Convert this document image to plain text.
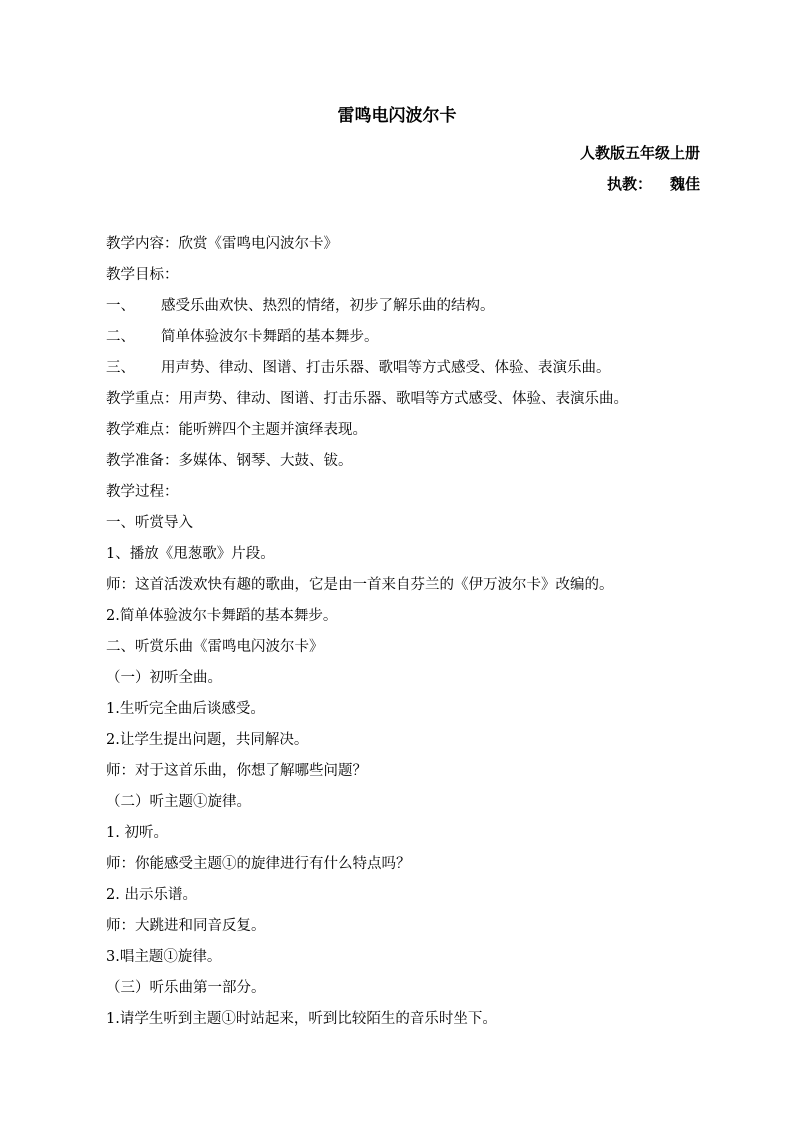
雷鸣电闪波尔卡
人教版五年级上册
执教： 魏佳
教学内容：欣赏《雷鸣电闪波尔卡》
教学目标：
一、 感受乐曲欢快、热烈的情绪，初步了解乐曲的结构。
二、 简单体验波尔卡舞蹈的基本舞步。
三、 用声势、律动、图谱、打击乐器、歌唱等方式感受、体验、表演乐曲。
教学重点：用声势、律动、图谱、打击乐器、歌唱等方式感受、体验、表演乐曲。
教学难点：能听辨四个主题并演绎表现。
教学准备：多媒体、钢琴、大鼓、钹。
教学过程：
一、听赏导入
1、播放《甩葱歌》片段。
师：这首活泼欢快有趣的歌曲，它是由一首来自芬兰的《伊万波尔卡》改编的。
2.简单体验波尔卡舞蹈的基本舞步。
二、听赏乐曲《雷鸣电闪波尔卡》
（一）初听全曲。
1.生听完全曲后谈感受。
2.让学生提出问题，共同解决。
师：对于这首乐曲，你想了解哪些问题？
（二）听主题①旋律。
1. 初听。
师：你能感受主题①的旋律进行有什么特点吗？
2. 出示乐谱。
师：大跳进和同音反复。
3.唱主题①旋律。
（三）听乐曲第一部分。
1.请学生听到主题①时站起来，听到比较陌生的音乐时坐下。
